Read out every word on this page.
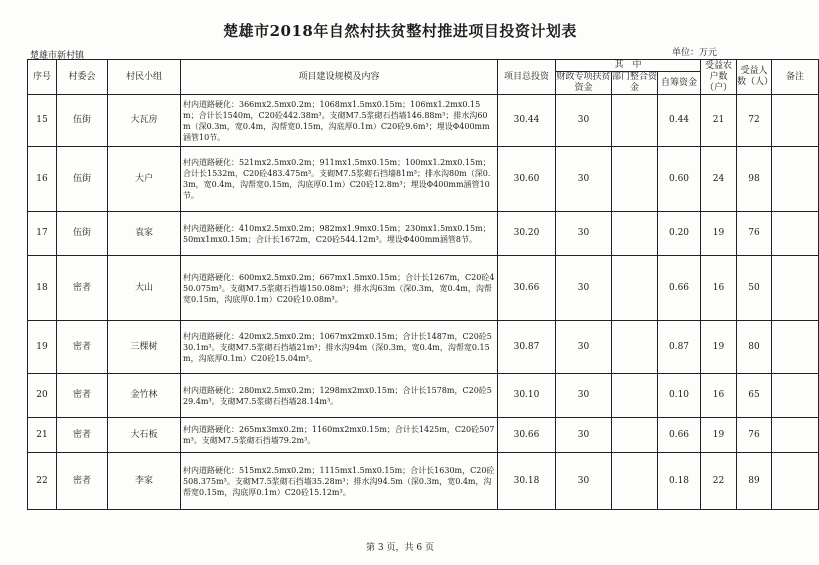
楚雄市2018年自然村扶贫整村推进项目投资计划表
楚雄市新村镇	单位：万元
序号	村委会	村民小组	项目建设规模及内容	项目总投资	其　中			受益农户数（户）	受益人数（人）	备注
					财政专项扶贫资金	部门整合资金	自筹资金			
15	伍街	大瓦房	村内道路硬化：366mx2.5mx0.2m；1068mx1.5mx0.15m；106mx1.2mx0.15m；合计长1540m，C20砼442.38m³。支砌M7.5浆砌石挡墙146.88m³；排水沟60m（深0.3m，宽0.4m，沟帮宽0.15m，沟底厚0.1m）C20砼9.6m³；埋设Φ400mm涵管10节。	30.44	30		0.44	21	72	
16	伍街	大户	村内道路硬化：521mx2.5mx0.2m；911mx1.5mx0.15m；100mx1.2mx0.15m；合计长1532m，C20砼483.475m³。支砌M7.5浆砌石挡墙81m³；排水沟80m（深0.3m，宽0.4m，沟帮宽0.15m，沟底厚0.1m）C20砼12.8m³；埋设Φ400mm涵管10节。	30.60	30		0.60	24	98	
17	伍街	袁家	村内道路硬化：410mx2.5mx0.2m；982mx1.9mx0.15m；230mx1.5mx0.15m；50mx1mx0.15m；合计长1672m，C20砼544.12m³。埋设Φ400mm涵管8节。	30.20	30		0.20	19	76	
18	密者	大山	村内道路硬化：600mx2.5mx0.2m；667mx1.5mx0.15m；合计长1267m，C20砼450.075m³。支砌M7.5浆砌石挡墙150.08m³；排水沟63m（深0.3m，宽0.4m，沟帮宽0.15m，沟底厚0.1m）C20砼10.08m³。	30.66	30		0.66	16	50	
19	密者	三棵树	村内道路硬化：420mx2.5mx0.2m；1067mx2mx0.15m；合计长1487m，C20砼530.1m³。支砌M7.5浆砌石挡墙21m³；排水沟94m（深0.3m，宽0.4m，沟帮宽0.15m，沟底厚0.1m）C20砼15.04m³。	30.87	30		0.87	19	80	
20	密者	金竹林	村内道路硬化：280mx2.5mx0.2m；1298mx2mx0.15m；合计长1578m，C20砼529.4m³。支砌M7.5浆砌石挡墙28.14m³。	30.10	30		0.10	16	65	
21	密者	大石板	村内道路硬化：265mx3mx0.2m；1160mx2mx0.15m；合计长1425m，C20砼507m³。支砌M7.5浆砌石挡墙79.2m³。	30.66	30		0.66	19	76	
22	密者	李家	村内道路硬化：515mx2.5mx0.2m；1115mx1.5mx0.15m；合计长1630m，C20砼508.375m³。支砌M7.5浆砌石挡墙35.28m³；排水沟94.5m（深0.3m，宽0.4m，沟帮宽0.15m，沟底厚0.1m）C20砼15.12m³。	30.18	30		0.18	22	89	
第 3 页，共 6 页
